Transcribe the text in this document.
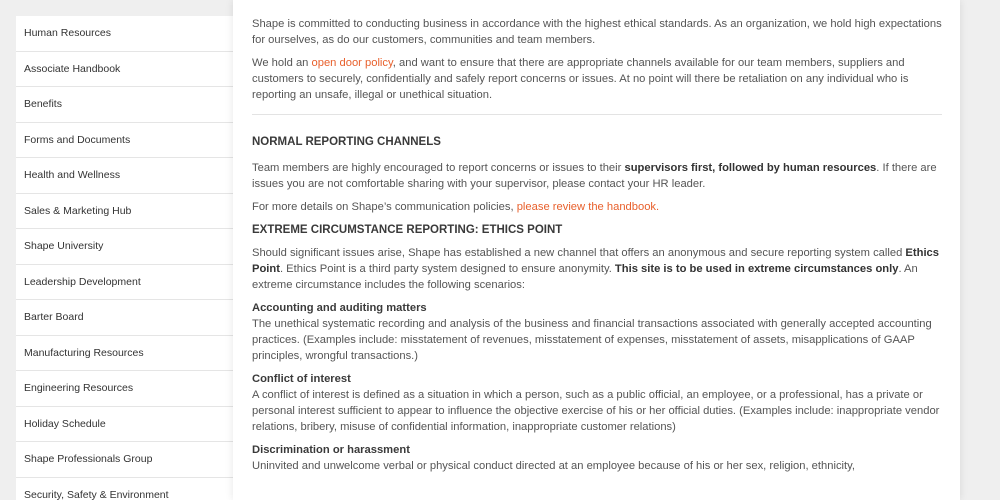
Human Resources
Associate Handbook
Benefits
Forms and Documents
Health and Wellness
Sales & Marketing Hub
Shape University
Leadership Development
Barter Board
Manufacturing Resources
Engineering Resources
Holiday Schedule
Shape Professionals Group
Security, Safety & Environment

Shape is committed to conducting business in accordance with the highest ethical standards. As an organization, we hold high expectations for ourselves, as do our customers, communities and team members.

We hold an open door policy, and want to ensure that there are appropriate channels available for our team members, suppliers and customers to securely, confidentially and safely report concerns or issues. At no point will there be retaliation on any individual who is reporting an unsafe, illegal or unethical situation.

NORMAL REPORTING CHANNELS

Team members are highly encouraged to report concerns or issues to their supervisors first, followed by human resources. If there are issues you are not comfortable sharing with your supervisor, please contact your HR leader.

For more details on Shape’s communication policies, please review the handbook.

EXTREME CIRCUMSTANCE REPORTING: ETHICS POINT

Should significant issues arise, Shape has established a new channel that offers an anonymous and secure reporting system called Ethics Point. Ethics Point is a third party system designed to ensure anonymity. This site is to be used in extreme circumstances only. An extreme circumstance includes the following scenarios:

Accounting and auditing matters
The unethical systematic recording and analysis of the business and financial transactions associated with generally accepted accounting practices. (Examples include: misstatement of revenues, misstatement of expenses, misstatement of assets, misapplications of GAAP principles, wrongful transactions.)
Conflict of interest
A conflict of interest is defined as a situation in which a person, such as a public official, an employee, or a professional, has a private or personal interest sufficient to appear to influence the objective exercise of his or her official duties. (Examples include: inappropriate vendor relations, bribery, misuse of confidential information, inappropriate customer relations)
Discrimination or harassment
Uninvited and unwelcome verbal or physical conduct directed at an employee because of his or her sex, religion, ethnicity,
